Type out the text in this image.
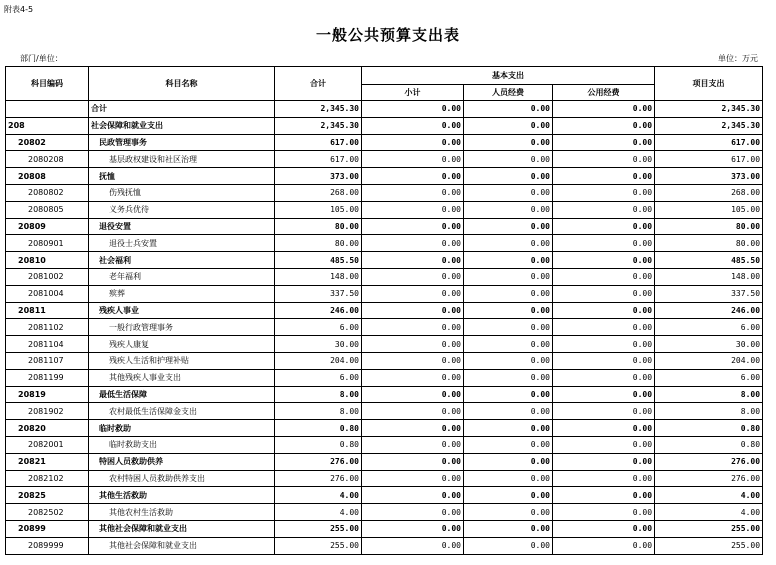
附表4-5
一般公共预算支出表
部门/单位：	单位：万元
科目编码	科目名称	合计	基本支出			项目支出
			小计	人员经费	公用经费	
	合计	2,345.30	0.00	0.00	0.00	2,345.30
208	社会保障和就业支出	2,345.30	0.00	0.00	0.00	2,345.30
20802	民政管理事务	617.00	0.00	0.00	0.00	617.00
2080208	基层政权建设和社区治理	617.00	0.00	0.00	0.00	617.00
20808	抚恤	373.00	0.00	0.00	0.00	373.00
2080802	伤残抚恤	268.00	0.00	0.00	0.00	268.00
2080805	义务兵优待	105.00	0.00	0.00	0.00	105.00
20809	退役安置	80.00	0.00	0.00	0.00	80.00
2080901	退役士兵安置	80.00	0.00	0.00	0.00	80.00
20810	社会福利	485.50	0.00	0.00	0.00	485.50
2081002	老年福利	148.00	0.00	0.00	0.00	148.00
2081004	殡葬	337.50	0.00	0.00	0.00	337.50
20811	残疾人事业	246.00	0.00	0.00	0.00	246.00
2081102	一般行政管理事务	6.00	0.00	0.00	0.00	6.00
2081104	残疾人康复	30.00	0.00	0.00	0.00	30.00
2081107	残疾人生活和护理补贴	204.00	0.00	0.00	0.00	204.00
2081199	其他残疾人事业支出	6.00	0.00	0.00	0.00	6.00
20819	最低生活保障	8.00	0.00	0.00	0.00	8.00
2081902	农村最低生活保障金支出	8.00	0.00	0.00	0.00	8.00
20820	临时救助	0.80	0.00	0.00	0.00	0.80
2082001	临时救助支出	0.80	0.00	0.00	0.00	0.80
20821	特困人员救助供养	276.00	0.00	0.00	0.00	276.00
2082102	农村特困人员救助供养支出	276.00	0.00	0.00	0.00	276.00
20825	其他生活救助	4.00	0.00	0.00	0.00	4.00
2082502	其他农村生活救助	4.00	0.00	0.00	0.00	4.00
20899	其他社会保障和就业支出	255.00	0.00	0.00	0.00	255.00
2089999	其他社会保障和就业支出	255.00	0.00	0.00	0.00	255.00
